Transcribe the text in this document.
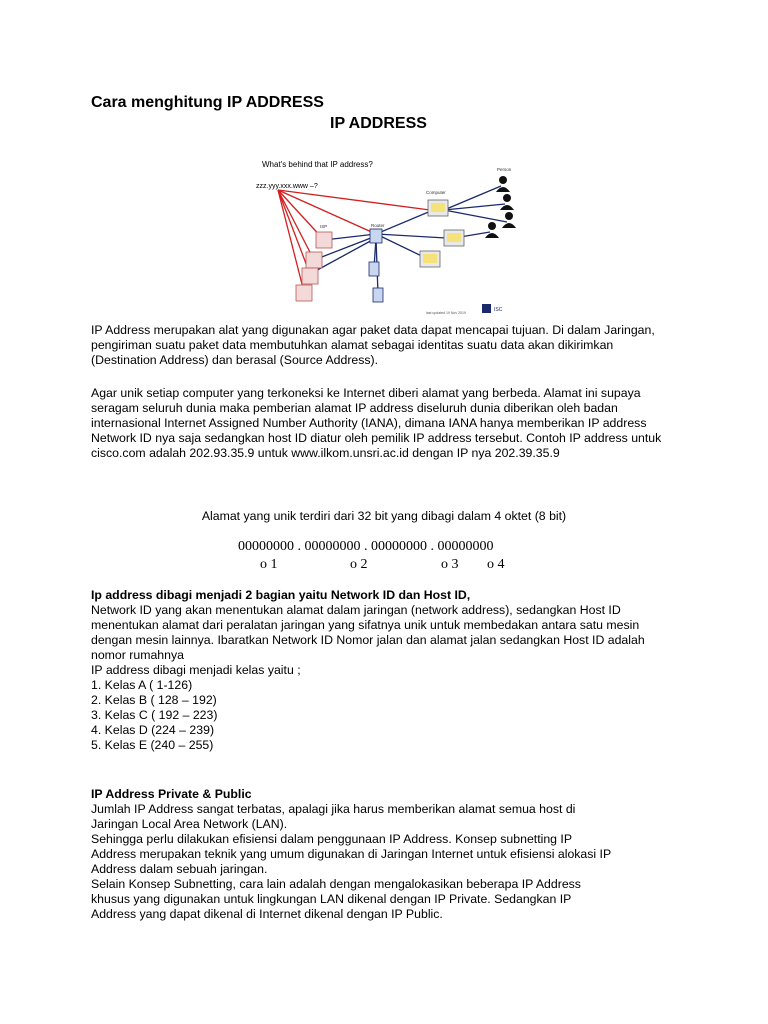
Cara menghitung IP ADDRESS
IP ADDRESS
What's behind that IP address?
zzz.yyy.xxx.www –?
Person
Computer
Router
ISP
last updated 19 Nov 2019	ISC
IP Address merupakan alat yang digunakan agar paket data dapat mencapai tujuan. Di dalam Jaringan,
pengiriman suatu paket data membutuhkan alamat sebagai identitas suatu data akan dikirimkan
(Destination Address) dan berasal (Source Address).
Agar unik setiap computer yang terkoneksi ke Internet diberi alamat yang berbeda. Alamat ini supaya
seragam seluruh dunia maka pemberian alamat IP address diseluruh dunia diberikan oleh badan
internasional Internet Assigned Number Authority (IANA), dimana IANA hanya memberikan IP address
Network ID nya saja sedangkan host ID diatur oleh pemilik IP address tersebut. Contoh IP address untuk
cisco.com adalah 202.93.35.9 untuk www.ilkom.unsri.ac.id dengan IP nya 202.39.35.9

Alamat yang unik terdiri dari 32 bit yang dibagi dalam 4 oktet (8 bit)

00000000 . 00000000 . 00000000 . 00000000

o 1	o 2	o 3 o 4
Ip address dibagi menjadi 2 bagian yaitu Network ID dan Host ID,
Network ID yang akan menentukan alamat dalam jaringan (network address), sedangkan Host ID
menentukan alamat dari peralatan jaringan yang sifatnya unik untuk membedakan antara satu mesin
dengan mesin lainnya. Ibaratkan Network ID Nomor jalan dan alamat jalan sedangkan Host ID adalah
nomor rumahnya
IP address dibagi menjadi kelas yaitu ;
1. Kelas A ( 1-126)
2. Kelas B ( 128 – 192)
3. Kelas C ( 192 – 223)
4. Kelas D (224 – 239)
5. Kelas E (240 – 255)
IP Address Private & Public
Jumlah IP Address sangat terbatas, apalagi jika harus memberikan alamat semua host di
Jaringan Local Area Network (LAN).
Sehingga perlu dilakukan efisiensi dalam penggunaan IP Address. Konsep subnetting IP
Address merupakan teknik yang umum digunakan di Jaringan Internet untuk efisiensi alokasi IP
Address dalam sebuah jaringan.
Selain Konsep Subnetting, cara lain adalah dengan mengalokasikan beberapa IP Address
khusus yang digunakan untuk lingkungan LAN dikenal dengan IP Private. Sedangkan IP
Address yang dapat dikenal di Internet dikenal dengan IP Public.
